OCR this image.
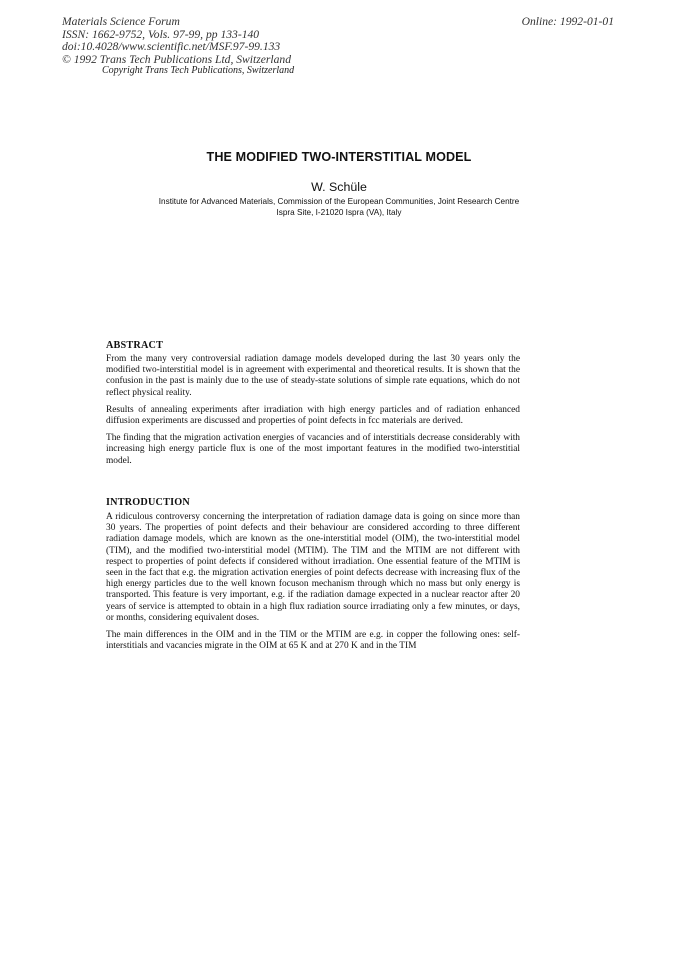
Materials Science Forum
ISSN: 1662-9752, Vols. 97-99, pp 133-140
doi:10.4028/www.scientific.net/MSF.97-99.133
© 1992 Trans Tech Publications Ltd, Switzerland
Copyright Trans Tech Publications, Switzerland
Online: 1992-01-01
THE MODIFIED TWO-INTERSTITIAL MODEL
W. Schüle
Institute for Advanced Materials, Commission of the European Communities, Joint Research Centre
Ispra Site, I-21020 Ispra (VA), Italy
ABSTRACT

From the many very controversial radiation damage models developed during the last 30 years only the modified two-interstitial model is in agreement with experimental and theoretical results. It is shown that the confusion in the past is mainly due to the use of steady-state solutions of simple rate equations, which do not reflect physical reality.

Results of annealing experiments after irradiation with high energy particles and of radiation enhanced diffusion experiments are discussed and properties of point defects in fcc materials are derived.

The finding that the migration activation energies of vacancies and of interstitials decrease considerably with increasing high energy particle flux is one of the most important features in the modified two-interstitial model.

INTRODUCTION

A ridiculous controversy concerning the interpretation of radiation damage data is going on since more than 30 years. The properties of point defects and their behaviour are considered according to three different radiation damage models, which are known as the one-interstitial model (OIM), the two-interstitial model (TIM), and the modified two-interstitial model (MTIM). The TIM and the MTIM are not different with respect to properties of point defects if considered without irradiation. One essential feature of the MTIM is seen in the fact that e.g. the migration activation energies of point defects decrease with increasing flux of the high energy particles due to the well known focuson mechanism through which no mass but only energy is transported. This feature is very important, e.g. if the radiation damage expected in a nuclear reactor after 20 years of service is attempted to obtain in a high flux radiation source irradiating only a few minutes, or days, or months, considering equivalent doses.

The main differences in the OIM and in the TIM or the MTIM are e.g. in copper the following ones: self-interstitials and vacancies migrate in the OIM at 65 K and at 270 K and in the TIM
